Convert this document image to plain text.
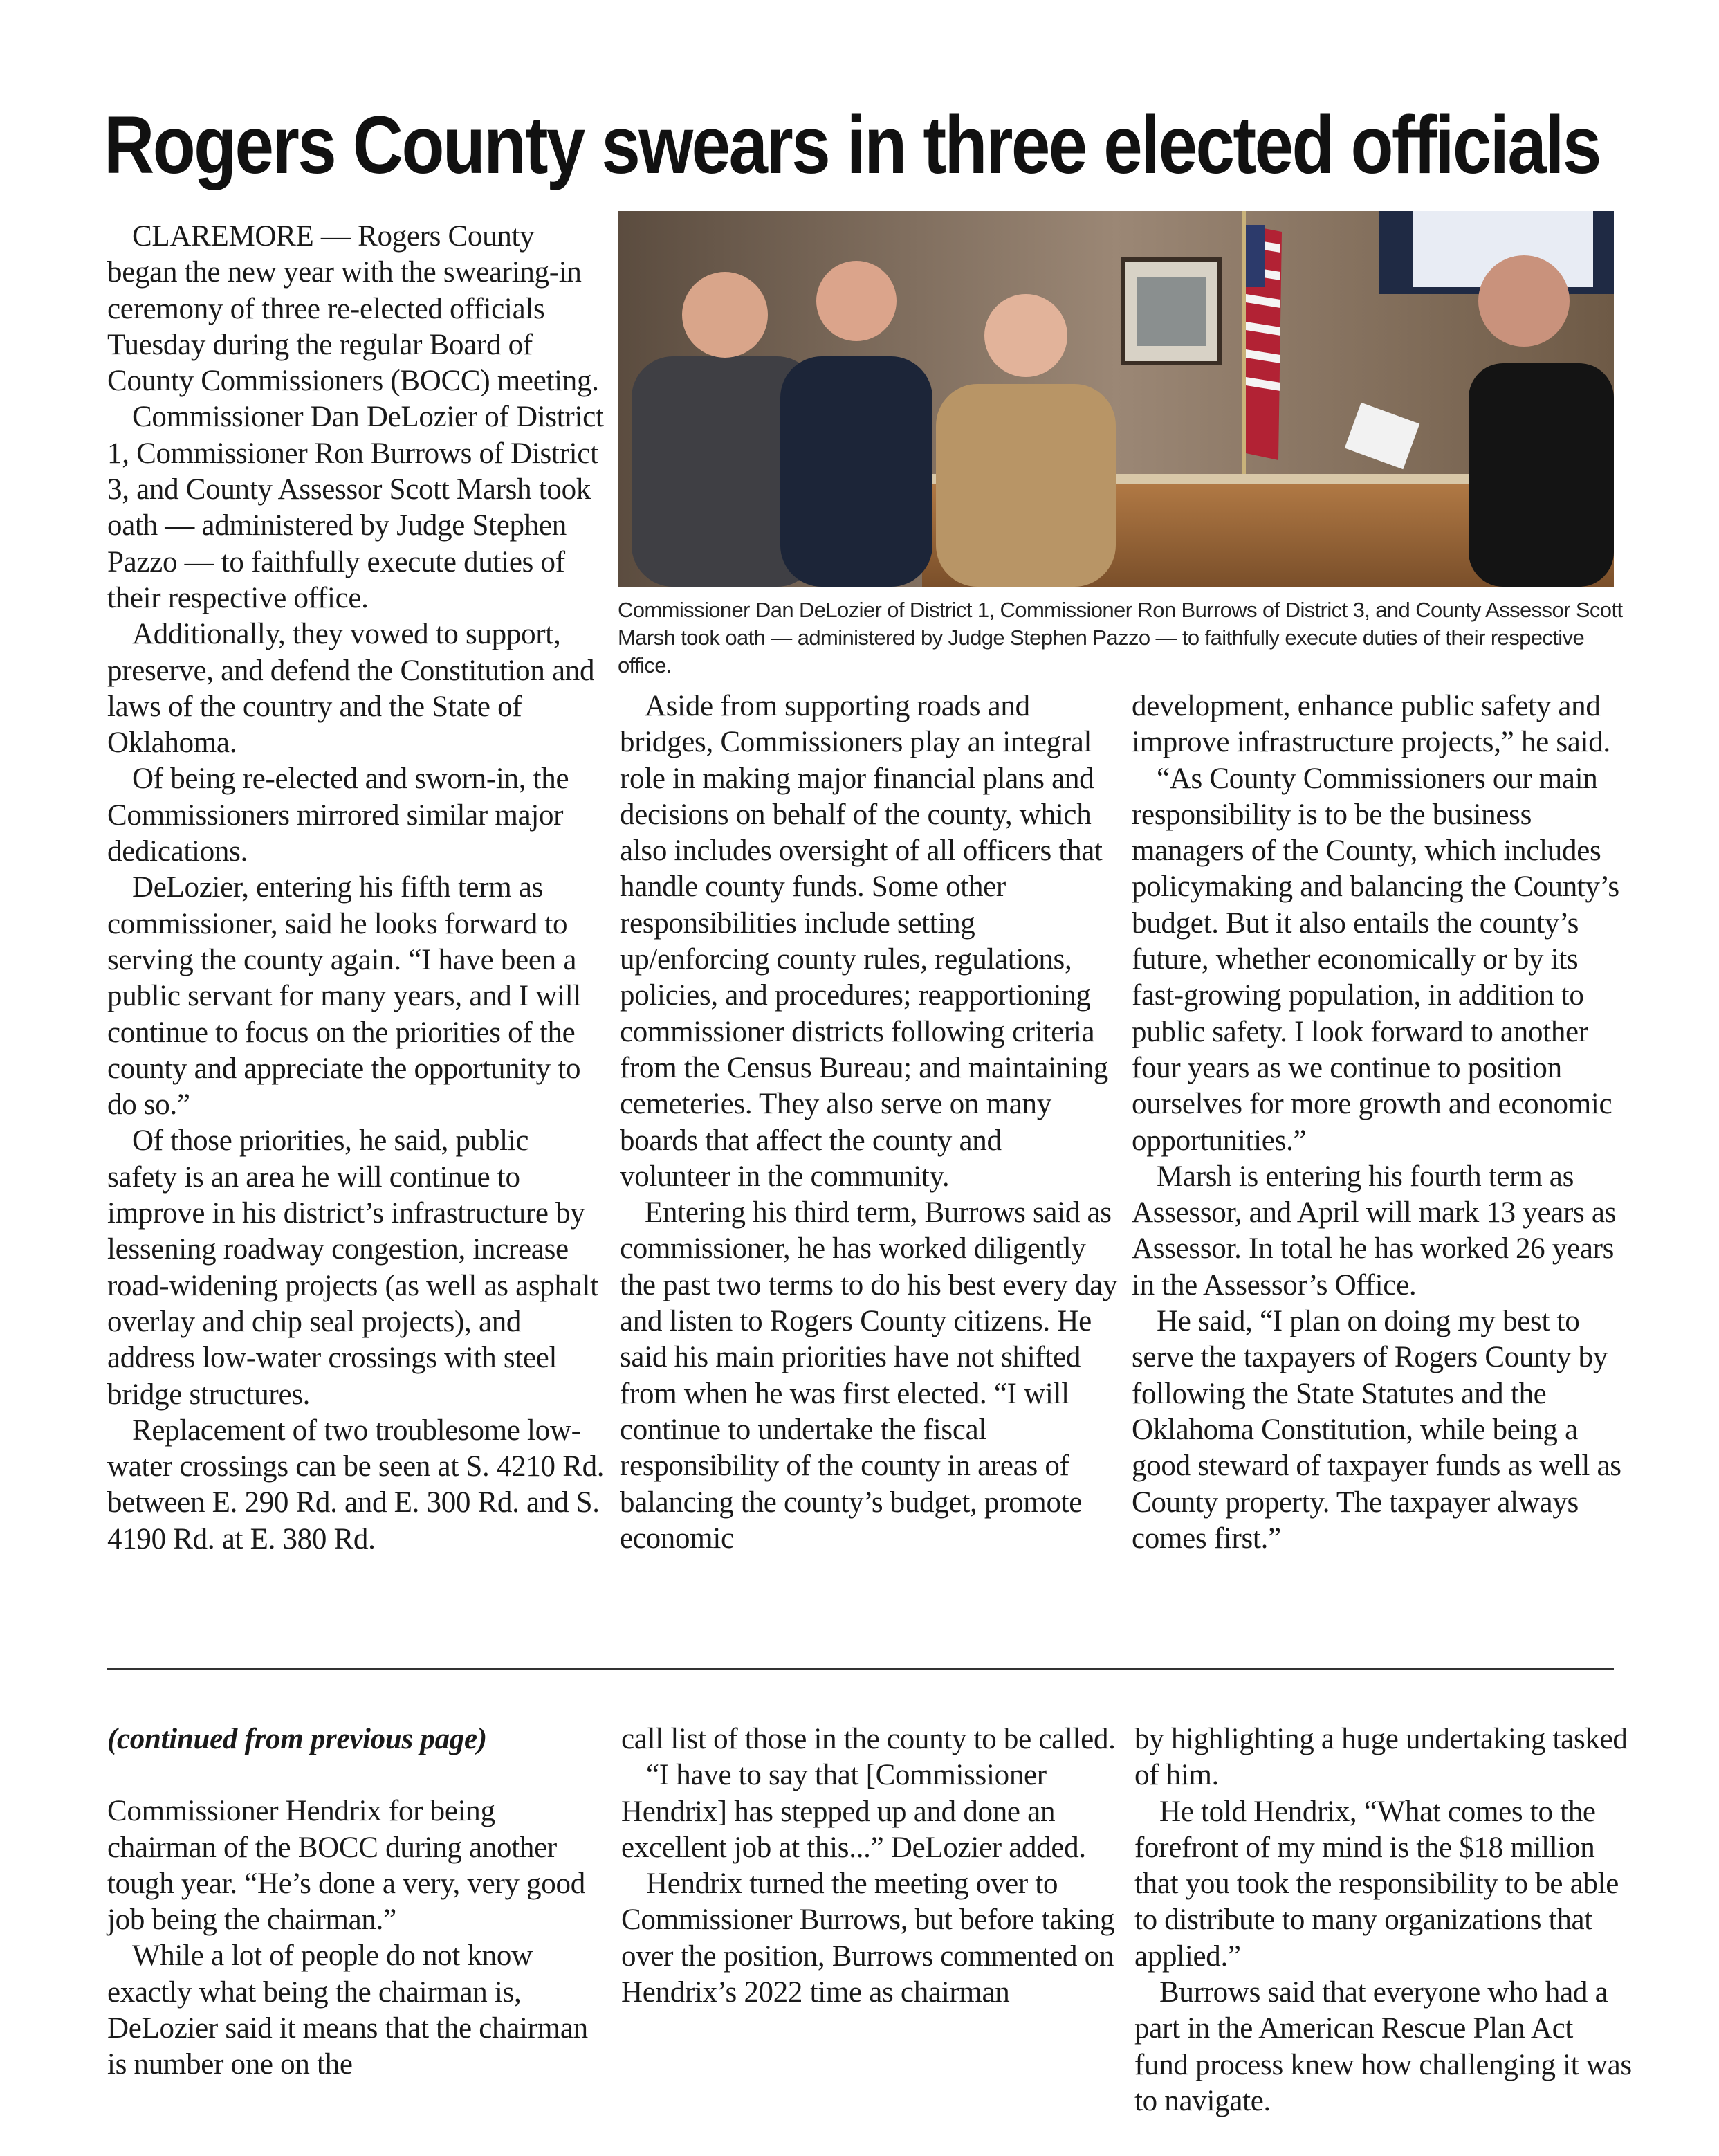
Rogers County swears in three elected officials

CLAREMORE — Rogers County began the new year with the swearing-in ceremony of three re-elected officials Tuesday during the regular Board of County Commissioners (BOCC) meeting.

Commissioner Dan DeLozier of District 1, Commissioner Ron Burrows of District 3, and County Assessor Scott Marsh took oath — administered by Judge Stephen Pazzo — to faithfully execute duties of their respective office.

Additionally, they vowed to support, preserve, and defend the Constitution and laws of the country and the State of Oklahoma.

Of being re-elected and sworn-in, the Commissioners mirrored similar major dedications.

DeLozier, entering his fifth term as commissioner, said he looks forward to serving the county again. “I have been a public servant for many years, and I will continue to focus on the priorities of the county and appreciate the opportunity to do so.”

Of those priorities, he said, public safety is an area he will continue to improve in his district’s infrastructure by lessening roadway congestion, increase road-widening projects (as well as asphalt overlay and chip seal projects), and address low-water crossings with steel bridge structures.

Replacement of two troublesome low-water crossings can be seen at S. 4210 Rd. between E. 290 Rd. and E. 300 Rd. and S. 4190 Rd. at E. 380 Rd.

Commissioner Dan DeLozier of District 1, Commissioner Ron Burrows of District 3, and County Assessor Scott Marsh took oath — administered by Judge Stephen Pazzo — to faithfully execute duties of their respective office.

Aside from supporting roads and bridges, Commissioners play an integral role in making major financial plans and decisions on behalf of the county, which also includes oversight of all officers that handle county funds. Some other responsibilities include setting up/enforcing county rules, regulations, policies, and procedures; reapportioning commissioner districts following criteria from the Census Bureau; and maintaining cemeteries. They also serve on many boards that affect the county and volunteer in the community.

Entering his third term, Burrows said as commissioner, he has worked diligently the past two terms to do his best every day and listen to Rogers County citizens. He said his main priorities have not shifted from when he was first elected. “I will continue to undertake the fiscal responsibility of the county in areas of balancing the county’s budget, promote economic

development, enhance public safety and improve infrastructure projects,” he said.

“As County Commissioners our main responsibility is to be the business managers of the County, which includes policymaking and balancing the County’s budget. But it also entails the county’s future, whether economically or by its fast-growing population, in addition to public safety. I look forward to another four years as we continue to position ourselves for more growth and economic opportunities.”

Marsh is entering his fourth term as Assessor, and April will mark 13 years as Assessor. In total he has worked 26 years in the Assessor’s Office.

He said, “I plan on doing my best to serve the taxpayers of Rogers County by following the State Statutes and the Oklahoma Constitution, while being a good steward of taxpayer funds as well as County property. The taxpayer always comes first.”

(continued from previous page)

Commissioner Hendrix for being chairman of the BOCC during another tough year. “He’s done a very, very good job being the chairman.”

While a lot of people do not know exactly what being the chairman is, DeLozier said it means that the chairman is number one on the

call list of those in the county to be called.

“I have to say that [Commissioner Hendrix] has stepped up and done an excellent job at this...” DeLozier added.

Hendrix turned the meeting over to Commissioner Burrows, but before taking over the position, Burrows commented on Hendrix’s 2022 time as chairman

by highlighting a huge undertaking tasked of him.

He told Hendrix, “What comes to the forefront of my mind is the $18 million that you took the responsibility to be able to distribute to many organizations that applied.”

Burrows said that everyone who had a part in the American Rescue Plan Act fund process knew how challenging it was to navigate.
